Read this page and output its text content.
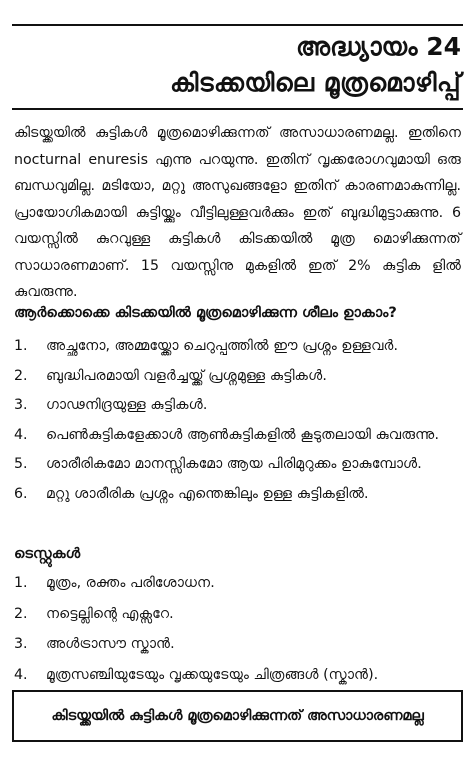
അദ്ധ്യായം 24
കിടക്കയിലെ മൂത്രമൊഴിപ്പ്

കിടയ്ക്കയിൽ കുട്ടികൾ മൂത്രമൊഴിക്കുന്നത് അസാധാരണമല്ല. ഇതിനെ nocturnal enuresis എന്നു പറയുന്നു. ഇതിന് വൃക്കരോഗവുമായി ഒരു ബന്ധവുമില്ല. മടിയോ, മറ്റു അസുഖങ്ങളോ ഇതിന് കാരണമാകുന്നില്ല. പ്രായോഗികമായി കുട്ടിയ്ക്കും വീട്ടിലുള്ളവർക്കും ഇത് ബുദ്ധിമുട്ടാക്കുന്നു. 6 വയസ്സിൽ കുറവുള്ള കുട്ടികൾ കിടക്കയിൽ മൂത്ര മൊഴിക്കുന്നത് സാധാരണമാണ്. 15 വയസ്സിനു മുകളിൽ ഇത് 2% കുട്ടിക ളിൽ കുവരുന്നു.

ആർക്കൊക്കെ കിടക്കയിൽ മൂത്രമൊഴിക്കുന്ന ശീലം ഉാകാം?
1. അച്ഛനോ, അമ്മയ്ക്കോ ചെറുപ്പത്തിൽ ഈ പ്രശ്നം ഉള്ളവർ.
2. ബുദ്ധിപരമായി വളർച്ചയ്ക്ക് പ്രശ്നമുള്ള കുട്ടികൾ.
3. ഗാഢനിദ്രയുള്ള കുട്ടികൾ.
4. പെൺകുട്ടികളേക്കാൾ ആൺകുട്ടികളിൽ കൂടുതലായി കുവരുന്നു.
5. ശാരീരികമോ മാനസ്സികമോ ആയ പിരിമുറുക്കം ഉാകുമ്പോൾ.
6. മറ്റു ശാരീരിക പ്രശ്നം എന്തെങ്കിലും ഉള്ള കുട്ടികളിൽ.
ടെസ്റ്റുകൾ
1. മൂത്രം, രക്തം പരിശോധന.
2. നട്ടെല്ലിന്റെ എക്സറേ.
3. അൾട്രാസൗ സ്കാൻ.
4. മൂത്രസഞ്ചിയുടേയും വൃക്കയുടേയും ചിത്രങ്ങൾ (സ്കാൻ).
കിടയ്ക്കയിൽ കുട്ടികൾ മൂത്രമൊഴിക്കുന്നത് അസാധാരണമല്ല
